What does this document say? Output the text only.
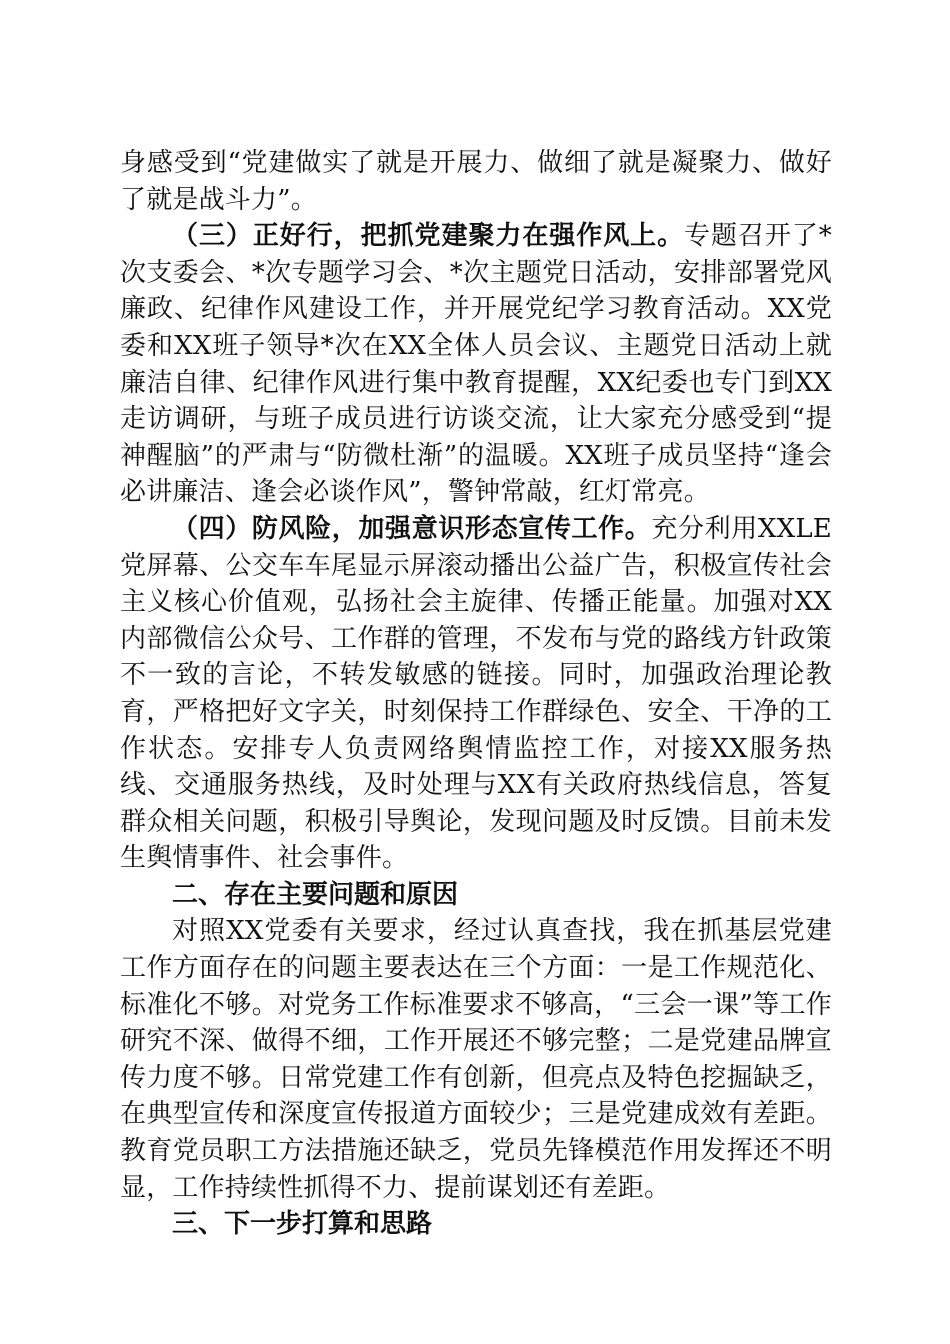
身感受到“党建做实了就是开展力、做细了就是凝聚力、做好了就是战斗力”。

（三）正好行，把抓党建聚力在强作风上。专题召开了*次支委会、*次专题学习会、*次主题党日活动，安排部署党风廉政、纪律作风建设工作，并开展党纪学习教育活动。XX党委和XX班子领导*次在XX全体人员会议、主题党日活动上就廉洁自律、纪律作风进行集中教育提醒，XX纪委也专门到XX走访调研，与班子成员进行访谈交流，让大家充分感受到“提神醒脑”的严肃与“防微杜渐”的温暖。XX班子成员坚持“逢会必讲廉洁、逢会必谈作风”，警钟常敲，红灯常亮。

（四）防风险，加强意识形态宣传工作。充分利用XXLE党屏幕、公交车车尾显示屏滚动播出公益广告，积极宣传社会主义核心价值观，弘扬社会主旋律、传播正能量。加强对XX内部微信公众号、工作群的管理，不发布与党的路线方针政策不一致的言论，不转发敏感的链接。同时，加强政治理论教育，严格把好文字关，时刻保持工作群绿色、安全、干净的工作状态。安排专人负责网络舆情监控工作，对接XX服务热线、交通服务热线，及时处理与XX有关政府热线信息，答复群众相关问题，积极引导舆论，发现问题及时反馈。目前未发生舆情事件、社会事件。

二、存在主要问题和原因

对照XX党委有关要求，经过认真查找，我在抓基层党建工作方面存在的问题主要表达在三个方面：一是工作规范化、标准化不够。对党务工作标准要求不够高，“三会一课”等工作研究不深、做得不细，工作开展还不够完整；二是党建品牌宣传力度不够。日常党建工作有创新，但亮点及特色挖掘缺乏，在典型宣传和深度宣传报道方面较少；三是党建成效有差距。教育党员职工方法措施还缺乏，党员先锋模范作用发挥还不明显，工作持续性抓得不力、提前谋划还有差距。

三、下一步打算和思路
